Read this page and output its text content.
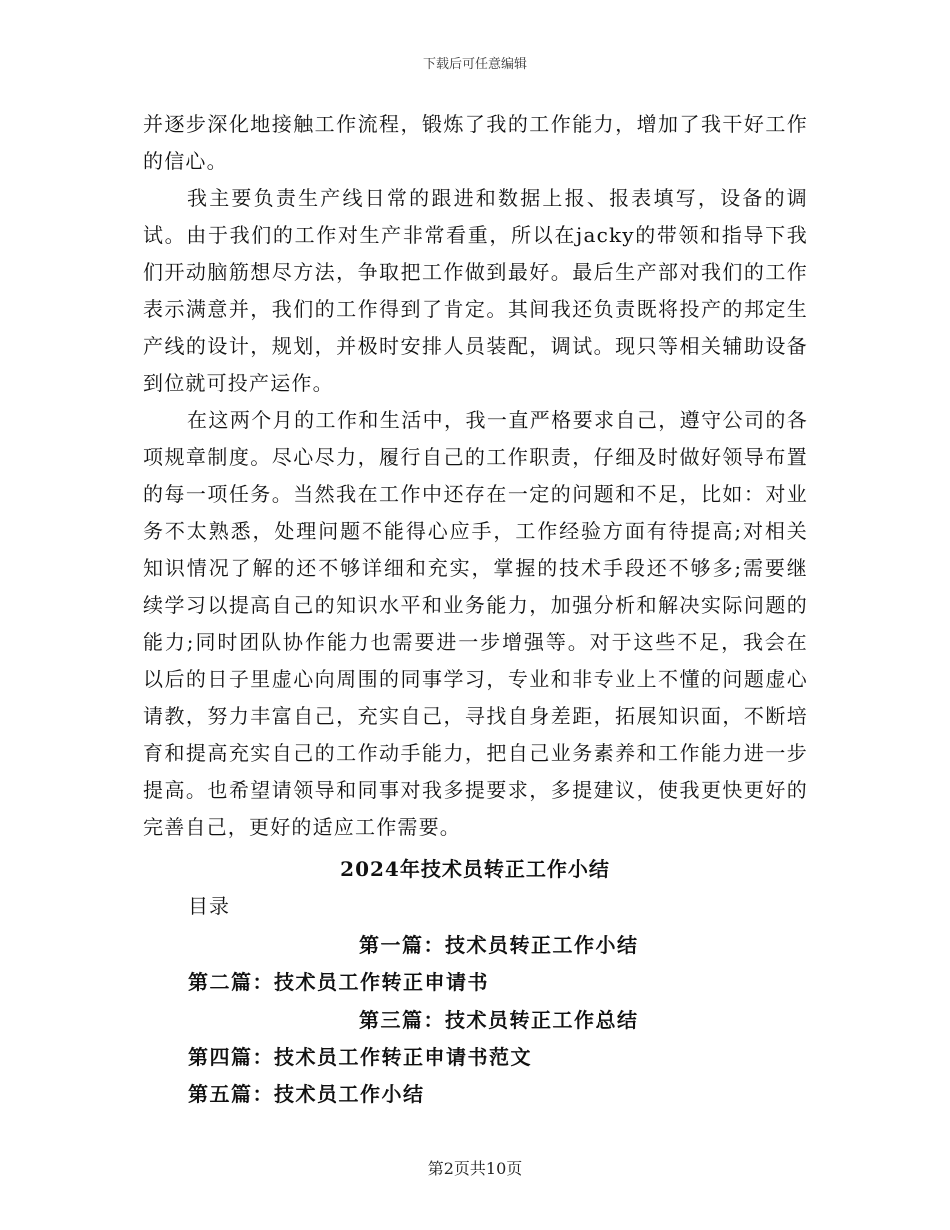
下载后可任意编辑

并逐步深化地接触工作流程，锻炼了我的工作能力，增加了我干好工作的信心。

我主要负责生产线日常的跟进和数据上报、报表填写，设备的调试。由于我们的工作对生产非常看重，所以在jacky的带领和指导下我们开动脑筋想尽方法，争取把工作做到最好。最后生产部对我们的工作表示满意并，我们的工作得到了肯定。其间我还负责既将投产的邦定生产线的设计，规划，并极时安排人员装配，调试。现只等相关辅助设备到位就可投产运作。

在这两个月的工作和生活中，我一直严格要求自己，遵守公司的各项规章制度。尽心尽力，履行自己的工作职责，仔细及时做好领导布置的每一项任务。当然我在工作中还存在一定的问题和不足，比如：对业务不太熟悉，处理问题不能得心应手，工作经验方面有待提高;对相关知识情况了解的还不够详细和充实，掌握的技术手段还不够多;需要继续学习以提高自己的知识水平和业务能力，加强分析和解决实际问题的能力;同时团队协作能力也需要进一步增强等。对于这些不足，我会在以后的日子里虚心向周围的同事学习，专业和非专业上不懂的问题虚心请教，努力丰富自己，充实自己，寻找自身差距，拓展知识面，不断培育和提高充实自己的工作动手能力，把自己业务素养和工作能力进一步提高。也希望请领导和同事对我多提要求，多提建议，使我更快更好的完善自己，更好的适应工作需要。

2024年技术员转正工作小结
目录
第一篇：技术员转正工作小结
第二篇：技术员工作转正申请书
第三篇：技术员转正工作总结
第四篇：技术员工作转正申请书范文
第五篇：技术员工作小结
第2页共10页
